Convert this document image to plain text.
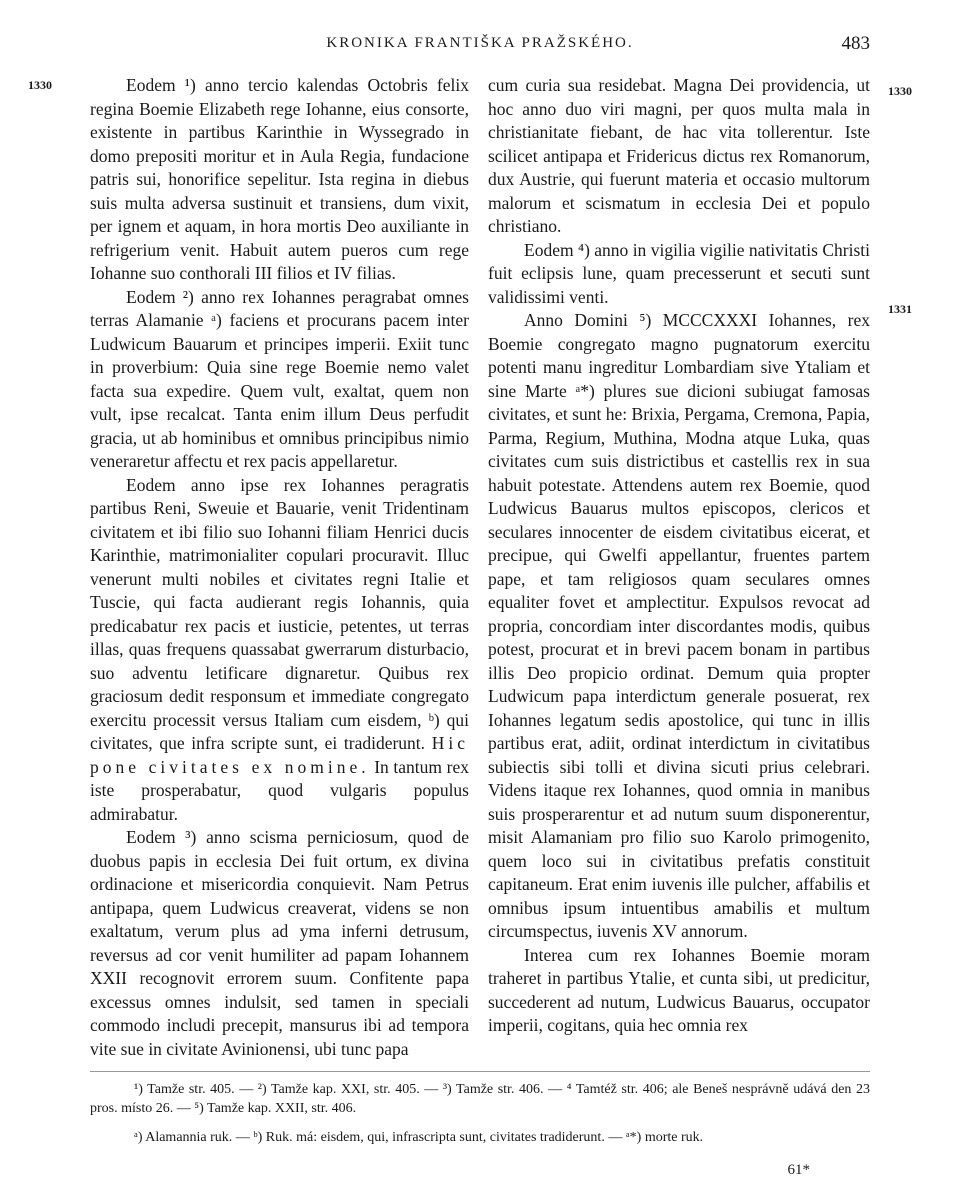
KRONIKA FRANTIŠKA PRAŽSKÉHO.	483
1330	1330
1331

Eodem ¹) anno tercio kalendas Octobris felix regina Boemie Elizabeth rege Iohanne, eius consorte, existente in partibus Karinthie in Wyssegrado in domo prepositi moritur et in Aula Regia, fundacione patris sui, honorifice sepelitur. Ista regina in diebus suis multa adversa sustinuit et transiens, dum vixit, per ignem et aquam, in hora mortis Deo auxiliante in refrigerium venit. Habuit autem pueros cum rege Iohanne suo conthorali III filios et IV filias.

Eodem ²) anno rex Iohannes peragrabat omnes terras Alamanie ᵃ) faciens et procurans pacem inter Ludwicum Bauarum et principes imperii. Exiit tunc in proverbium: Quia sine rege Boemie nemo valet facta sua expedire. Quem vult, exaltat, quem non vult, ipse recalcat. Tanta enim illum Deus perfudit gracia, ut ab hominibus et omnibus principibus nimio veneraretur affectu et rex pacis appellaretur.

Eodem anno ipse rex Iohannes peragratis partibus Reni, Sweuie et Bauarie, venit Tridentinam civitatem et ibi filio suo Iohanni filiam Henrici ducis Karinthie, matrimonialiter copulari procuravit. Illuc venerunt multi nobiles et civitates regni Italie et Tuscie, qui facta audierant regis Iohannis, quia predicabatur rex pacis et iusticie, petentes, ut terras illas, quas frequens quassabat gwerrarum disturbacio, suo adventu letificare dignaretur. Quibus rex graciosum dedit responsum et immediate congregato exercitu processit versus Italiam cum eisdem, ᵇ) qui civitates, que infra scripte sunt, ei tradiderunt. Hic pone civitates ex nomine. In tantum rex iste prosperabatur, quod vulgaris populus admirabatur.

Eodem ³) anno scisma perniciosum, quod de duobus papis in ecclesia Dei fuit ortum, ex divina ordinacione et misericordia conquievit. Nam Petrus antipapa, quem Ludwicus creaverat, videns se non exaltatum, verum plus ad yma inferni detrusum, reversus ad cor venit humiliter ad papam Iohannem XXII recognovit errorem suum. Confitente papa excessus omnes indulsit, sed tamen in speciali commodo includi precepit, mansurus ibi ad tempora vite sue in civitate Avinionensi, ubi tunc papa

cum curia sua residebat. Magna Dei providencia, ut hoc anno duo viri magni, per quos multa mala in christianitate fiebant, de hac vita tollerentur. Iste scilicet antipapa et Fridericus dictus rex Romanorum, dux Austrie, qui fuerunt materia et occasio multorum malorum et scismatum in ecclesia Dei et populo christiano.

Eodem ⁴) anno in vigilia vigilie nativitatis Christi fuit eclipsis lune, quam precesserunt et secuti sunt validissimi venti.

Anno Domini ⁵) MCCCXXXI Iohannes, rex Boemie congregato magno pugnatorum exercitu potenti manu ingreditur Lombardiam sive Ytaliam et sine Marte ᵃ*) plures sue dicioni subiugat famosas civitates, et sunt he: Brixia, Pergama, Cremona, Papia, Parma, Regium, Muthina, Modna atque Luka, quas civitates cum suis districtibus et castellis rex in sua habuit potestate. Attendens autem rex Boemie, quod Ludwicus Bauarus multos episcopos, clericos et seculares innocenter de eisdem civitatibus eicerat, et precipue, qui Gwelfi appellantur, fruentes partem pape, et tam religiosos quam seculares omnes equaliter fovet et amplectitur. Expulsos revocat ad propria, concordiam inter discordantes modis, quibus potest, procurat et in brevi pacem bonam in partibus illis Deo propicio ordinat. Demum quia propter Ludwicum papa interdictum generale posuerat, rex Iohannes legatum sedis apostolice, qui tunc in illis partibus erat, adiit, ordinat interdictum in civitatibus subiectis sibi tolli et divina sicuti prius celebrari. Videns itaque rex Iohannes, quod omnia in manibus suis prosperarentur et ad nutum suum disponerentur, misit Alamaniam pro filio suo Karolo primogenito, quem loco sui in civitatibus prefatis constituit capitaneum. Erat enim iuvenis ille pulcher, affabilis et omnibus ipsum intuentibus amabilis et multum circumspectus, iuvenis XV annorum.

Interea cum rex Iohannes Boemie moram traheret in partibus Ytalie, et cunta sibi, ut predicitur, succederent ad nutum, Ludwicus Bauarus, occupator imperii, cogitans, quia hec omnia rex

¹) Tamže str. 405. — ²) Tamže kap. XXI, str. 405. — ³) Tamže str. 406. — ⁴ Tamtéž str. 406; ale Beneš nesprávně udává den 23 pros. místo 26. — ⁵) Tamže kap. XXII, str. 406.

ᵃ) Alamannia ruk. — ᵇ) Ruk. má: eisdem, qui, infrascripta sunt, civitates tradiderunt. — ᵃ*) morte ruk.

61*
